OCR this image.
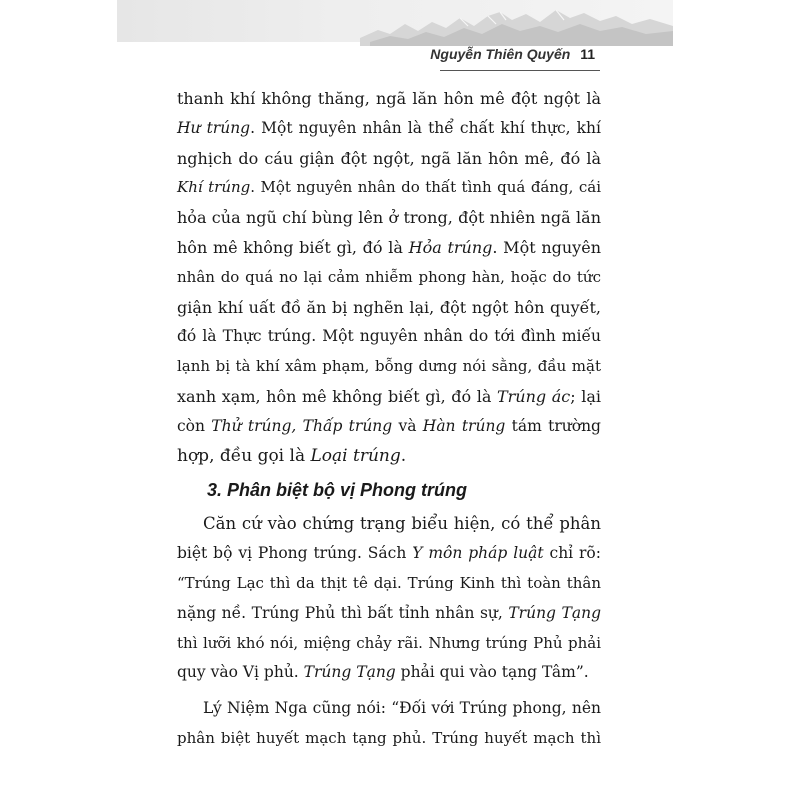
Nguyễn Thiên Quyến 11
thanh khí không thăng, ngã lăn hôn mê đột ngột là
Hư trúng. Một nguyên nhân là thể chất khí thực, khí
nghịch do cáu giận đột ngột, ngã lăn hôn mê, đó là
Khí trúng. Một nguyên nhân do thất tình quá đáng, cái
hỏa của ngũ chí bùng lên ở trong, đột nhiên ngã lăn
hôn mê không biết gì, đó là Hỏa trúng. Một nguyên
nhân do quá no lại cảm nhiễm phong hàn, hoặc do tức
giận khí uất đồ ăn bị nghẽn lại, đột ngột hôn quyết,
đó là Thực trúng. Một nguyên nhân do tới đình miếu
lạnh bị tà khí xâm phạm, bỗng dưng nói sằng, đầu mặt
xanh xạm, hôn mê không biết gì, đó là Trúng ác; lại
còn Thử trúng, Thấp trúng và Hàn trúng tám trường
hợp, đều gọi là Loại trúng.
3. Phân biệt bộ vị Phong trúng
Căn cứ vào chứng trạng biểu hiện, có thể phân
biệt bộ vị Phong trúng. Sách Y môn pháp luật chỉ rõ:
“Trúng Lạc thì da thịt tê dại. Trúng Kinh thì toàn thân
nặng nề. Trúng Phủ thì bất tỉnh nhân sự, Trúng Tạng
thì lưỡi khó nói, miệng chảy rãi. Nhưng trúng Phủ phải
quy vào Vị phủ. Trúng Tạng phải qui vào tạng Tâm”.
Lý Niệm Nga cũng nói: “Đối với Trúng phong, nên
phân biệt huyết mạch tạng phủ. Trúng huyết mạch thì
